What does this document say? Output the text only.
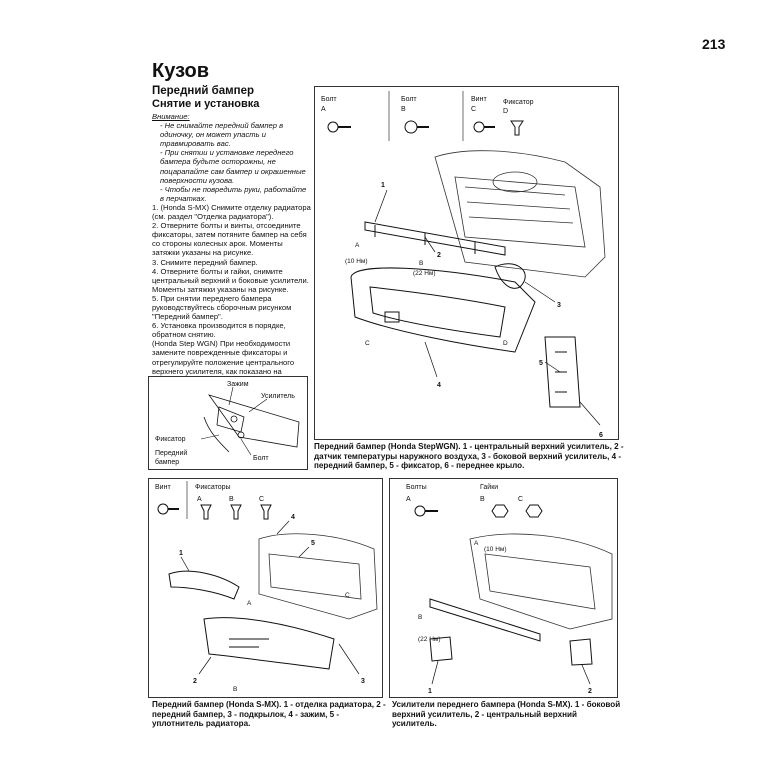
213
Кузов
Передний бампер
Снятие и установка

Внимание:

- Не снимайте передний бампер в одиночку, он может упасть и травмировать вас.

- При снятии и установке переднего бампера будьте осторожны, не поцарапайте сам бампер и окрашенные поверхности кузова.

- Чтобы не повредить руки, работайте в перчатках.

1. (Honda S-MX) Снимите отделку радиатора (см. раздел "Отделка радиатора").

2. Отверните болты и винты, отсоедините фиксаторы, затем потяните бампер на себя со стороны колесных арок. Моменты затяжки указаны на рисунке.

3. Снимите передний бампер.

4. Отверните болты и гайки, снимите центральный верхний и боковые усилители. Моменты затяжки указаны на рисунке.

5. При снятии переднего бампера руководствуйтесь сборочным рисунком "Передний бампер".

6. Установка производится в порядке, обратном снятию.

(Honda Step WGN) При необходимости замените поврежденные фиксаторы и отрегулируйте положение центрального верхнего усилителя, как показано на

Болт
A
Болт
B
Винт
C
Фиксатор
D
1
2
3
4
5
6
(10 Нм)
(22 Нм)
A
B
C	D
Зажим
Усилитель
Фиксатор
Передний
бампер
Болт
Передний бампер (Honda StepWGN). 1 - центральный верхний усилитель, 2 - датчик температуры наружного воздуха, 3 - боковой верхний усилитель, 4 - передний бампер, 5 - фиксатор, 6 - переднее крыло.
Винт	Фиксаторы
A	B	C
1
2	3
4
5
A
B
C
Болты
A
Гайки
B	C
1	2
(10 Нм)
(22 Нм)
A
B
Передний бампер (Honda S-MX). 1 - отделка радиатора, 2 - передний бампер, 3 - подкрылок, 4 - зажим, 5 - уплотнитель радиатора.
Усилители переднего бампера (Honda S-MX). 1 - боковой верхний усилитель, 2 - центральный верхний усилитель.
